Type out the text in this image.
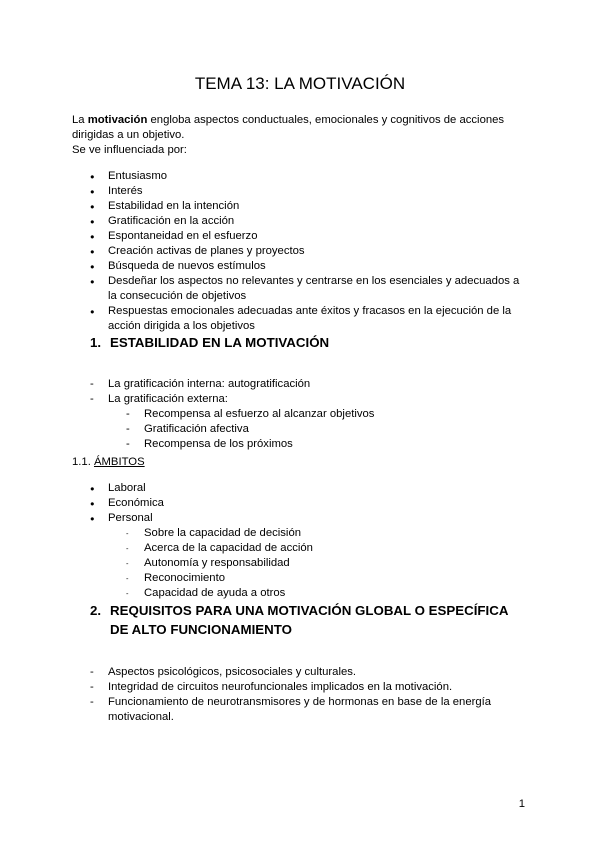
TEMA 13: LA MOTIVACIÓN

La motivación engloba aspectos conductuales, emocionales y cognitivos de acciones dirigidas a un objetivo.

Se ve influenciada por:

● Entusiasmo
● Interés
● Estabilidad en la intención
● Gratificación en la acción
● Espontaneidad en el esfuerzo
● Creación activas de planes y proyectos
● Búsqueda de nuevos estímulos
● Desdeñar los aspectos no relevantes y centrarse en los esenciales y adecuados a la consecución de objetivos
● Respuestas emocionales adecuadas ante éxitos y fracasos en la ejecución de la acción dirigida a los objetivos
1. ESTABILIDAD EN LA MOTIVACIÓN
- La gratificación interna: autogratificación
- La gratificación externa:
- Recompensa al esfuerzo al alcanzar objetivos
- Gratificación afectiva
- Recompensa de los próximos
1.1. ÁMBITOS
● Laboral
● Económica
● Personal
- Sobre la capacidad de decisión
- Acerca de la capacidad de acción
- Autonomía y responsabilidad
- Reconocimiento
- Capacidad de ayuda a otros
2. REQUISITOS PARA UNA MOTIVACIÓN GLOBAL O ESPECÍFICA DE ALTO FUNCIONAMIENTO
- Aspectos psicológicos, psicosociales y culturales.
- Integridad de circuitos neurofuncionales implicados en la motivación.
- Funcionamiento de neurotransmisores y de hormonas en base de la energía motivacional.
1
